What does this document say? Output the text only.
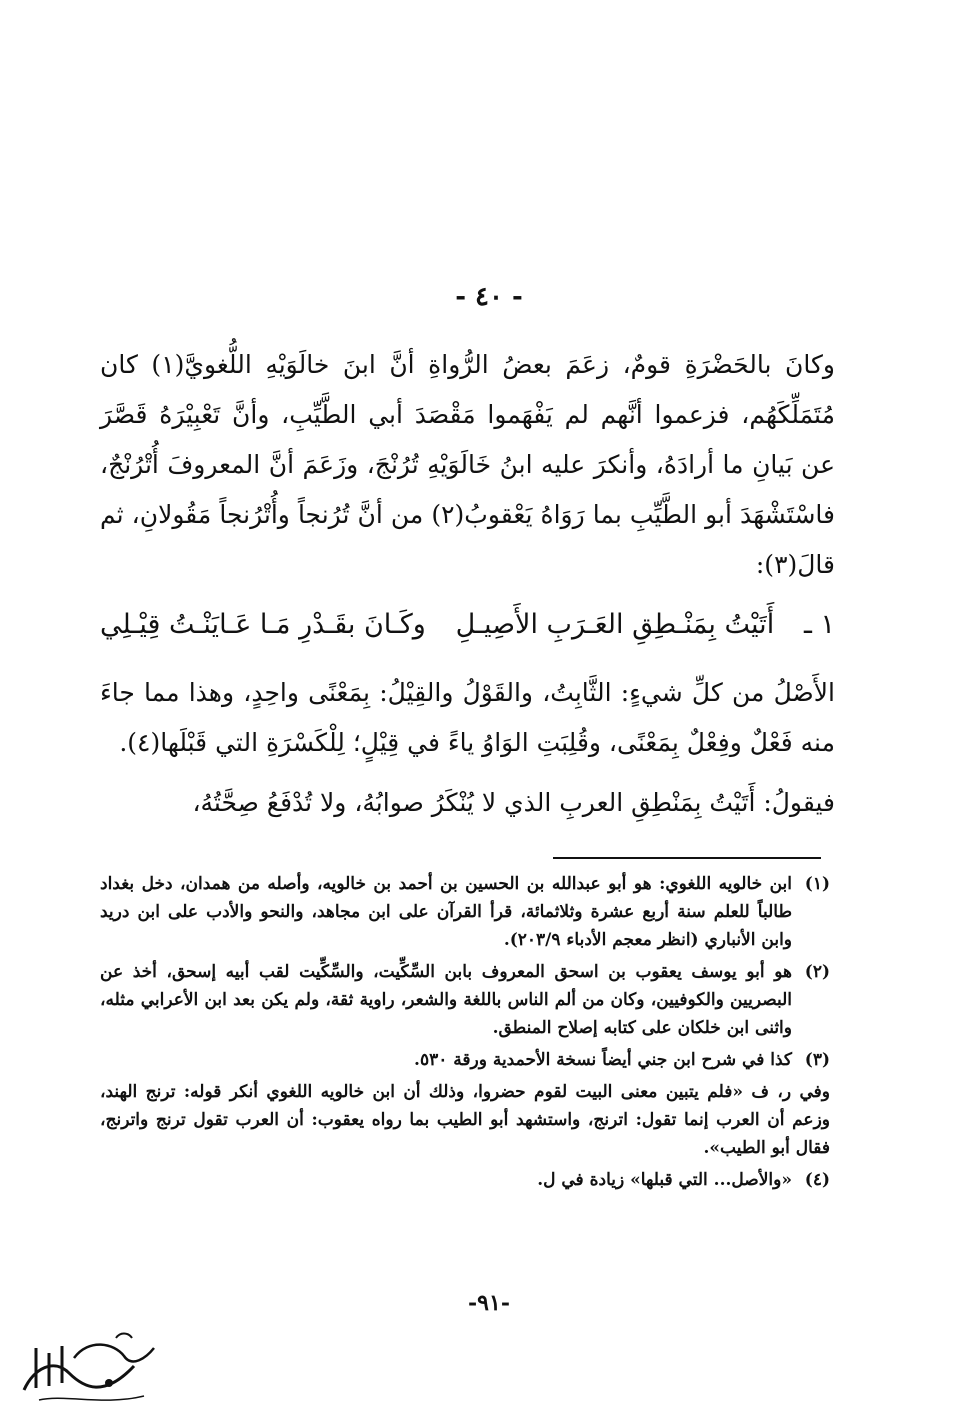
- ٤٠ -

وكانَ بالحَضْرَةِ قومٌ، زعَمَ بعضُ الرُّواةِ أنَّ ابنَ خالَوَيْهِ اللُّغويَّ(١) كان مُتَمَلِّكَهُم، فزعموا أنَّهم لم يَفْهَموا مَقْصَدَ أبي الطَّيِّبِ، وأنَّ تَعْبِيْرَهُ قَصَّرَ عن بَيانِ ما أرادَهُ، وأنكرَ عليه ابنُ خَالَوَيْهِ تُرُنْجَ، وزَعَمَ أنَّ المعروفَ أُتْرُنْجٌ، فاسْتَشْهَدَ أبو الطَّيِّبِ بما رَوَاهُ يَعْقوبُ(٢) من أنَّ تُرُنجاً وأُتْرُنجاً مَقُولانِ، ثم قالَ(٣):

١ ـ
أَتَيْتُ بِمَنْـطِقِ العَـرَبِ الأَصِيـلِ
وكَـانَ بقَـدْرِ مَـا عَـايَنْـتُ قِيْـلِي

الأَصْلُ من كلِّ شيءٍ: الثَّابِتُ، والقَوْلُ والقِيْلُ: بِمَعْنًى واحِدٍ، وهذا مما جاءَ منه فَعْلٌ وفِعْلٌ بِمَعْنًى، وقُلِبَتِ الوَاوُ ياءً في قِيْلٍ؛ لِلْكَسْرَةِ التي قَبْلَها(٤).

فيقولُ: أَتَيْتُ بِمَنْطِقِ العربِ الذي لا يُنْكَرُ صوابُهُ، ولا تُدْفَعُ صِحَّتُهُ،

(١)
ابن خالويه اللغوي: هو أبو عبدالله بن الحسين بن أحمد بن خالويه، وأصله من همدان، دخل بغداد طالباً للعلم سنة أربع عشرة وثلاثمائة، قرأ القرآن على ابن مجاهد، والنحو والأدب على ابن دريد وابن الأنباري (انظر معجم الأدباء ٢٠٣/٩).
(٢)
هو أبو يوسف يعقوب بن اسحق المعروف بابن السِّكِّيت، والسِّكِّيت لقب أبيه إسحق، أخذ عن البصريين والكوفيين، وكان من ألم الناس باللغة والشعر، راوية ثقة، ولم يكن بعد ابن الأعرابي مثله، واثنى ابن خلكان على كتابه إصلاح المنطق.
(٣)
كذا في شرح ابن جني أيضاً نسخة الأحمدية ورقة ٥٣٠.
وفي ر، ف «فلم يتبين معنى البيت لقوم حضروا، وذلك أن ابن خالويه اللغوي أنكر قوله: ترنج الهند، وزعم أن العرب إنما تقول: اترنج، واستشهد أبو الطيب بما رواه يعقوب: أن العرب تقول ترنج واترنج، فقال أبو الطيب».
(٤)
«والأصل... التي قبلها» زيادة في ل.
-٩١-
